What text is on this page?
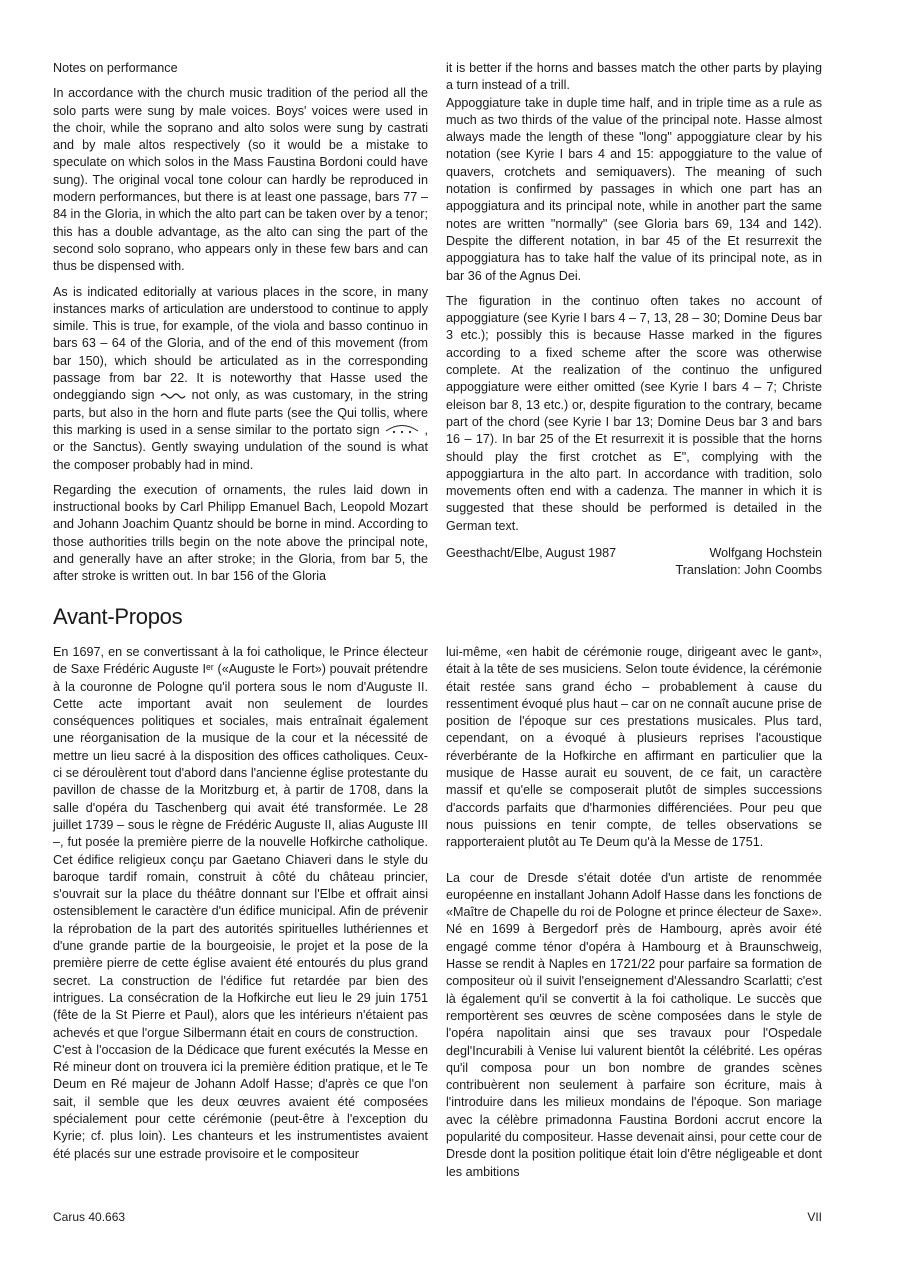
Notes on performance

In accordance with the church music tradition of the period all the solo parts were sung by male voices. Boys' voices were used in the choir, while the soprano and alto solos were sung by castrati and by male altos respectively (so it would be a mistake to speculate on which solos in the Mass Faustina Bordoni could have sung). The original vocal tone colour can hardly be reproduced in modern performances, but there is at least one passage, bars 77 – 84 in the Gloria, in which the alto part can be taken over by a tenor; this has a double advantage, as the alto can sing the part of the second solo soprano, who appears only in these few bars and can thus be dispensed with.

As is indicated editorially at various places in the score, in many instances marks of articulation are understood to continue to apply simile. This is true, for example, of the viola and basso continuo in bars 63 – 64 of the Gloria, and of the end of this movement (from bar 150), which should be articulated as in the corresponding passage from bar 22. It is noteworthy that Hasse used the ondeggiando sign	not only, as was customary, in the string parts, but also in the horn and flute parts (see the Qui tollis, where this marking is used in a sense similar to the portato sign	, or the Sanctus). Gently swaying undulation of the sound is what the composer probably had in mind.

Regarding the execution of ornaments, the rules laid down in instructional books by Carl Philipp Emanuel Bach, Leopold Mozart and Johann Joachim Quantz should be borne in mind. According to those authorities trills begin on the note above the principal note, and generally have an after stroke; in the Gloria, from bar 5, the after stroke is written out. In bar 156 of the Gloria

it is better if the horns and basses match the other parts by playing a turn instead of a trill.

Appoggiature take in duple time half, and in triple time as a rule as much as two thirds of the value of the principal note. Hasse almost always made the length of these "long" appoggiature clear by his notation (see Kyrie I bars 4 and 15: appoggiature to the value of quavers, crotchets and semiquavers). The meaning of such notation is confirmed by passages in which one part has an appoggiatura and its principal note, while in another part the same notes are written "normally" (see Gloria bars 69, 134 and 142). Despite the different notation, in bar 45 of the Et resurrexit the appoggiatura has to take half the value of its principal note, as in bar 36 of the Agnus Dei.

The figuration in the continuo often takes no account of appoggiature (see Kyrie I bars 4 – 7, 13, 28 – 30; Domine Deus bar 3 etc.); possibly this is because Hasse marked in the figures according to a fixed scheme after the score was otherwise complete. At the realization of the continuo the unfigured appoggiature were either omitted (see Kyrie I bars 4 – 7; Christe eleison bar 8, 13 etc.) or, despite figuration to the contrary, became part of the chord (see Kyrie I bar 13; Domine Deus bar 3 and bars 16 – 17). In bar 25 of the Et resurrexit it is possible that the horns should play the first crotchet as E", complying with the appoggiartura in the alto part. In accordance with tradition, solo movements often end with a cadenza. The manner in which it is suggested that these should be performed is detailed in the German text.

Geesthacht/Elbe, August 1987	Wolfgang Hochstein
Translation: John Coombs
Avant-Propos

En 1697, en se convertissant à la foi catholique, le Prince électeur de Saxe Frédéric Auguste Iᵉʳ («Auguste le Fort») pouvait prétendre à la couronne de Pologne qu'il portera sous le nom d'Auguste II. Cette acte important avait non seulement de lourdes conséquences politiques et sociales, mais entraînait également une réorganisation de la musique de la cour et la nécessité de mettre un lieu sacré à la disposition des offices catholiques. Ceux-ci se déroulèrent tout d'abord dans l'ancienne église protestante du pavillon de chasse de la Moritzburg et, à partir de 1708, dans la salle d'opéra du Taschenberg qui avait été transformée. Le 28 juillet 1739 – sous le règne de Frédéric Auguste II, alias Auguste III –, fut posée la première pierre de la nouvelle Hofkirche catholique. Cet édifice religieux conçu par Gaetano Chiaveri dans le style du baroque tardif romain, construit à côté du château princier, s'ouvrait sur la place du théâtre donnant sur l'Elbe et offrait ainsi ostensiblement le caractère d'un édifice municipal. Afin de prévenir la réprobation de la part des autorités spirituelles luthériennes et d'une grande partie de la bourgeoisie, le projet et la pose de la première pierre de cette église avaient été entourés du plus grand secret. La construction de l'édifice fut retardée par bien des intrigues. La consécration de la Hofkirche eut lieu le 29 juin 1751 (fête de la St Pierre et Paul), alors que les intérieurs n'étaient pas achevés et que l'orgue Silbermann était en cours de construction.

C'est à l'occasion de la Dédicace que furent exécutés la Messe en Ré mineur dont on trouvera ici la première édition pratique, et le Te Deum en Ré majeur de Johann Adolf Hasse; d'après ce que l'on sait, il semble que les deux œuvres avaient été composées spécialement pour cette cérémonie (peut-être à l'exception du Kyrie; cf. plus loin). Les chanteurs et les instrumentistes avaient été placés sur une estrade provisoire et le compositeur

lui-même, «en habit de cérémonie rouge, dirigeant avec le gant», était à la tête de ses musiciens. Selon toute évidence, la cérémonie était restée sans grand écho – probablement à cause du ressentiment évoqué plus haut – car on ne connaît aucune prise de position de l'époque sur ces prestations musicales. Plus tard, cependant, on a évoqué à plusieurs reprises l'acoustique réverbérante de la Hofkirche en affirmant en particulier que la musique de Hasse aurait eu souvent, de ce fait, un caractère massif et qu'elle se composerait plutôt de simples successions d'accords parfaits que d'harmonies différenciées. Pour peu que nous puissions en tenir compte, de telles observations se rapporteraient plutôt au Te Deum qu'à la Messe de 1751.

La cour de Dresde s'était dotée d'un artiste de renommée européenne en installant Johann Adolf Hasse dans les fonctions de «Maître de Chapelle du roi de Pologne et prince électeur de Saxe». Né en 1699 à Bergedorf près de Hambourg, après avoir été engagé comme ténor d'opéra à Hambourg et à Braunschweig, Hasse se rendit à Naples en 1721/22 pour parfaire sa formation de compositeur où il suivit l'enseignement d'Alessandro Scarlatti; c'est là également qu'il se convertit à la foi catholique. Le succès que remportèrent ses œuvres de scène composées dans le style de l'opéra napolitain ainsi que ses travaux pour l'Ospedale degl'Incurabili à Venise lui valurent bientôt la célébrité. Les opéras qu'il composa pour un bon nombre de grandes scènes contribuèrent non seulement à parfaire son écriture, mais à l'introduire dans les milieux mondains de l'époque. Son mariage avec la célèbre primadonna Faustina Bordoni accrut encore la popularité du compositeur. Hasse devenait ainsi, pour cette cour de Dresde dont la position politique était loin d'être négligeable et dont les ambitions

Carus 40.663	VII
